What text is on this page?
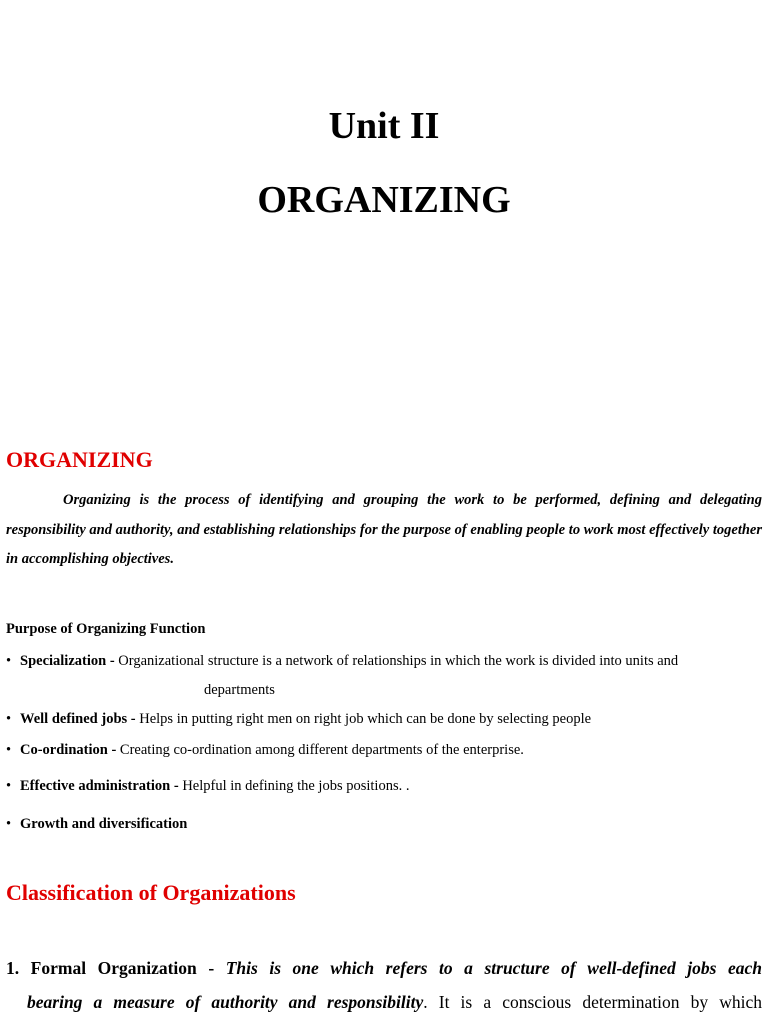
Unit II
ORGANIZING
ORGANIZING
Organizing is the process of identifying and grouping the work to be performed, defining and delegating responsibility and authority, and establishing relationships for the purpose of enabling people to work most effectively together in accomplishing objectives.
Purpose of Organizing Function
• Specialization - Organizational structure is a network of relationships in which the work is divided into units and
departments
• Well defined jobs - Helps in putting right men on right job which can be done by selecting people
• Co-ordination - Creating co-ordination among different departments of the enterprise.
• Effective administration - Helpful in defining the jobs positions. .
• Growth and diversification
Classification of Organizations
1. Formal Organization - This is one which refers to a structure of well-defined jobs each
bearing a measure of authority and responsibility. It is a conscious determination by which
